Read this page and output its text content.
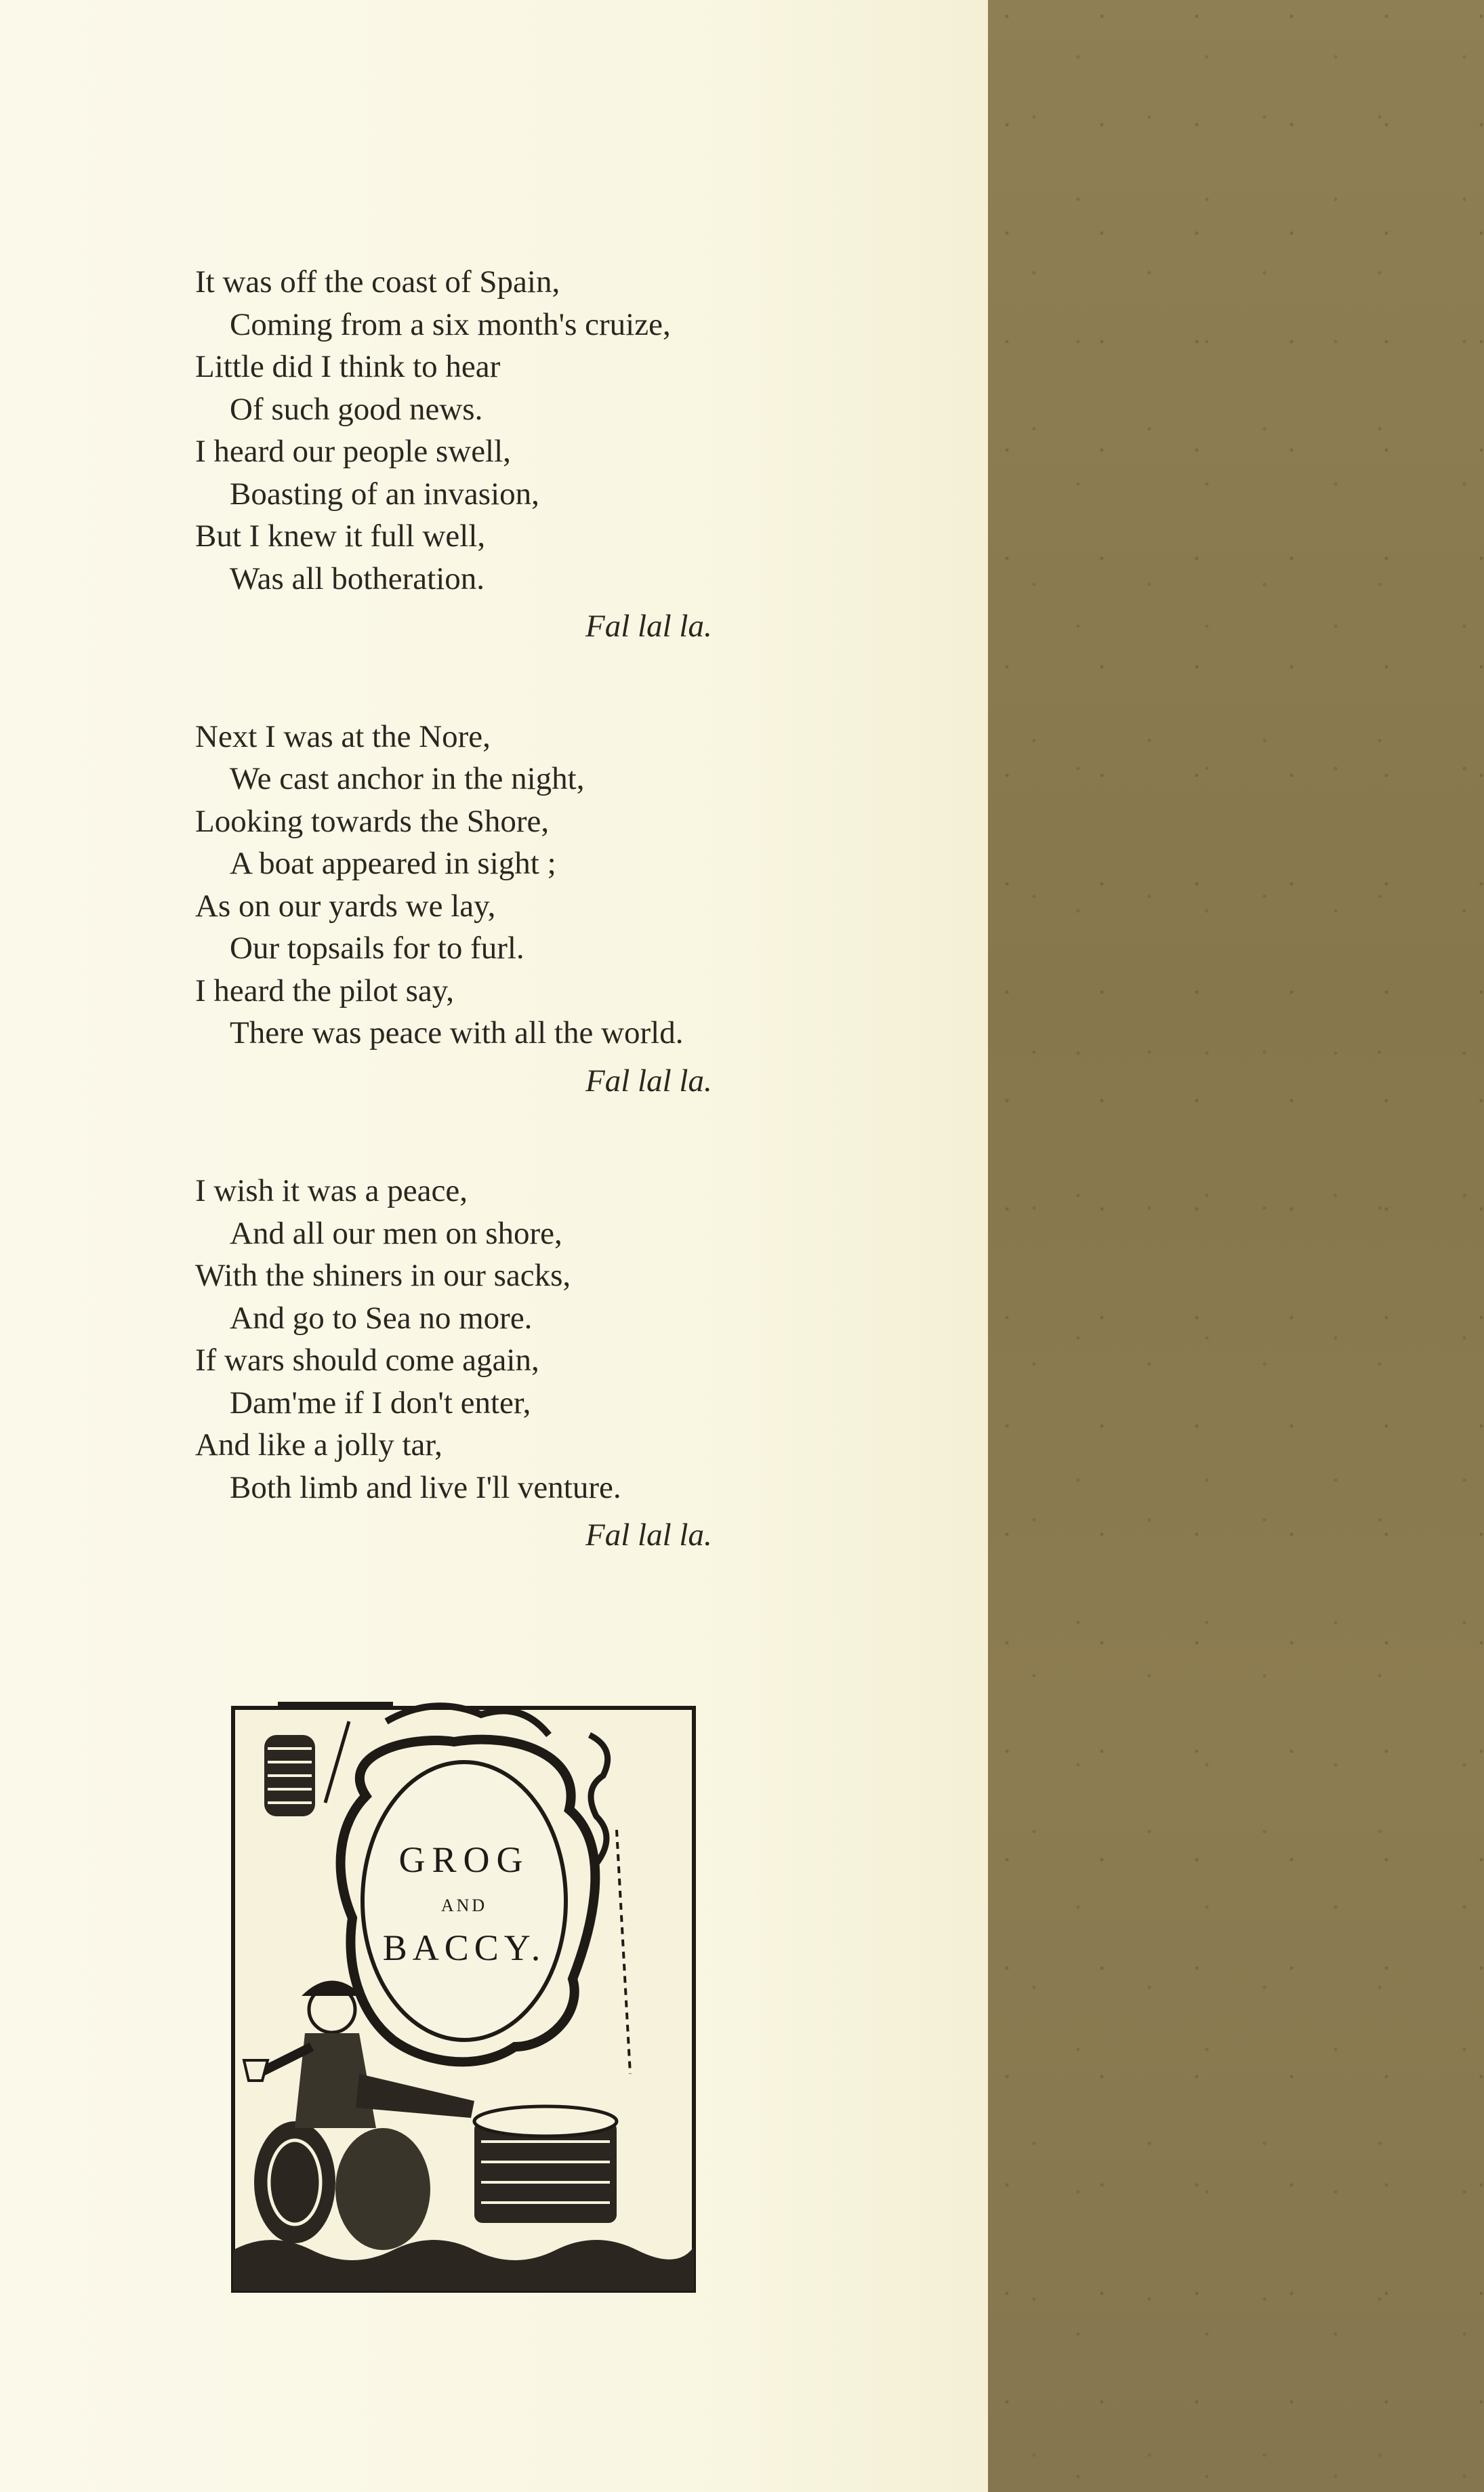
It was off the coast of Spain,
Coming from a six month's cruize,
Little did I think to hear
Of such good news.
I heard our people swell,
Boasting of an invasion,
But I knew it full well,
Was all botheration.
Fal lal la.
Next I was at the Nore,
We cast anchor in the night,
Looking towards the Shore,
A boat appeared in sight ;
As on our yards we lay,
Our topsails for to furl.
I heard the pilot say,
There was peace with all the world.
Fal lal la.
I wish it was a peace,
And all our men on shore,
With the shiners in our sacks,
And go to Sea no more.
If wars should come again,
Dam'me if I don't enter,
And like a jolly tar,
Both limb and live I'll venture.
Fal lal la.
GROG
AND
BACCY.
